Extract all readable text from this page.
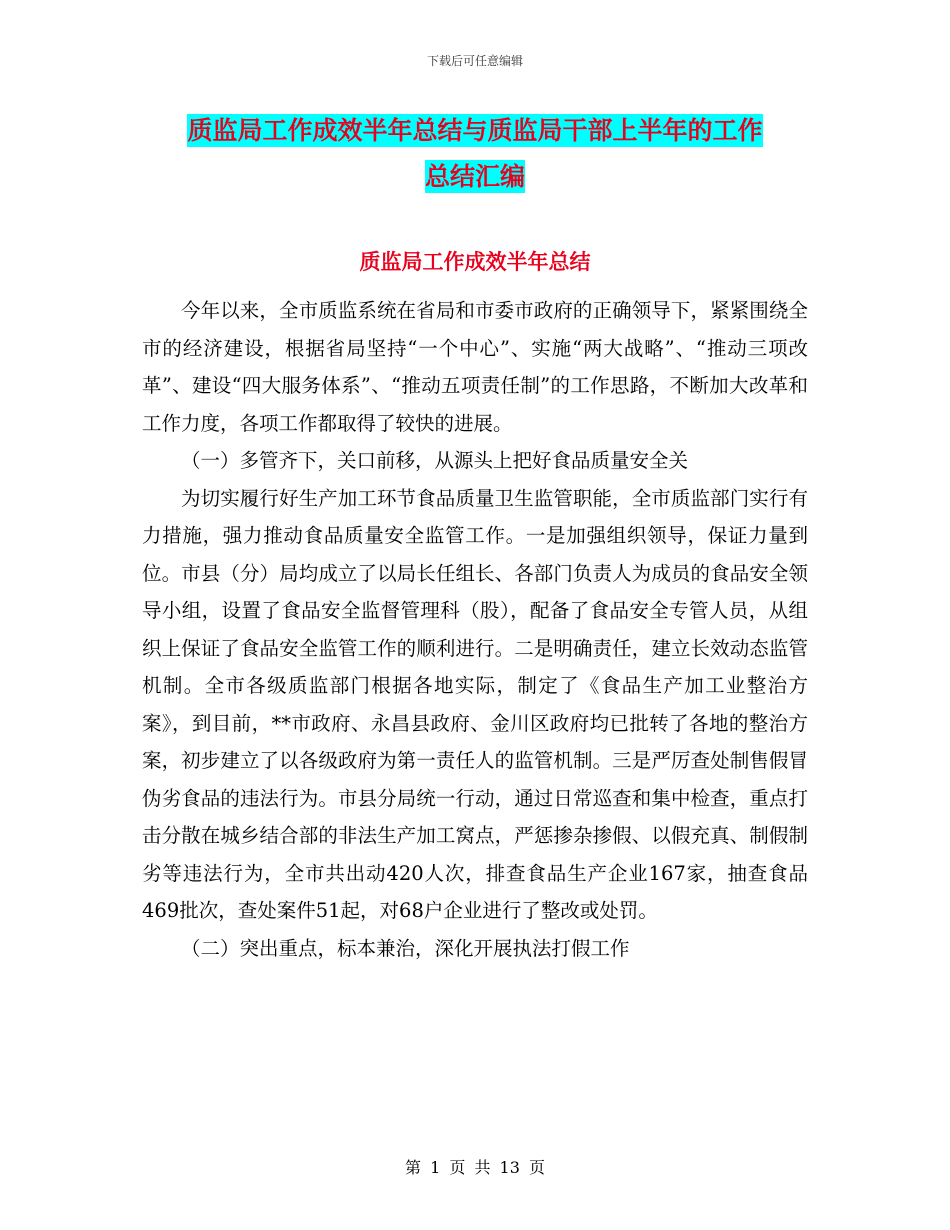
下载后可任意编辑
质监局工作成效半年总结与质监局干部上半年的工作
总结汇编
质监局工作成效半年总结

今年以来，全市质监系统在省局和市委市政府的正确领导下，紧紧围绕全市的经济建设，根据省局坚持“一个中心”、实施“两大战略”、“推动三项改革”、建设“四大服务体系”、“推动五项责任制”的工作思路，不断加大改革和工作力度，各项工作都取得了较快的进展。

（一）多管齐下，关口前移，从源头上把好食品质量安全关

为切实履行好生产加工环节食品质量卫生监管职能，全市质监部门实行有力措施，强力推动食品质量安全监管工作。一是加强组织领导，保证力量到位。市县（分）局均成立了以局长任组长、各部门负责人为成员的食品安全领导小组，设置了食品安全监督管理科（股），配备了食品安全专管人员，从组织上保证了食品安全监管工作的顺利进行。二是明确责任，建立长效动态监管机制。全市各级质监部门根据各地实际，制定了《食品生产加工业整治方案》，到目前，**市政府、永昌县政府、金川区政府均已批转了各地的整治方案，初步建立了以各级政府为第一责任人的监管机制。三是严厉查处制售假冒伪劣食品的违法行为。市县分局统一行动，通过日常巡查和集中检查，重点打击分散在城乡结合部的非法生产加工窝点，严惩掺杂掺假、以假充真、制假制劣等违法行为，全市共出动420人次，排查食品生产企业167家，抽查食品469批次，查处案件51起，对68户企业进行了整改或处罚。

（二）突出重点，标本兼治，深化开展执法打假工作

第 1 页 共 13 页
